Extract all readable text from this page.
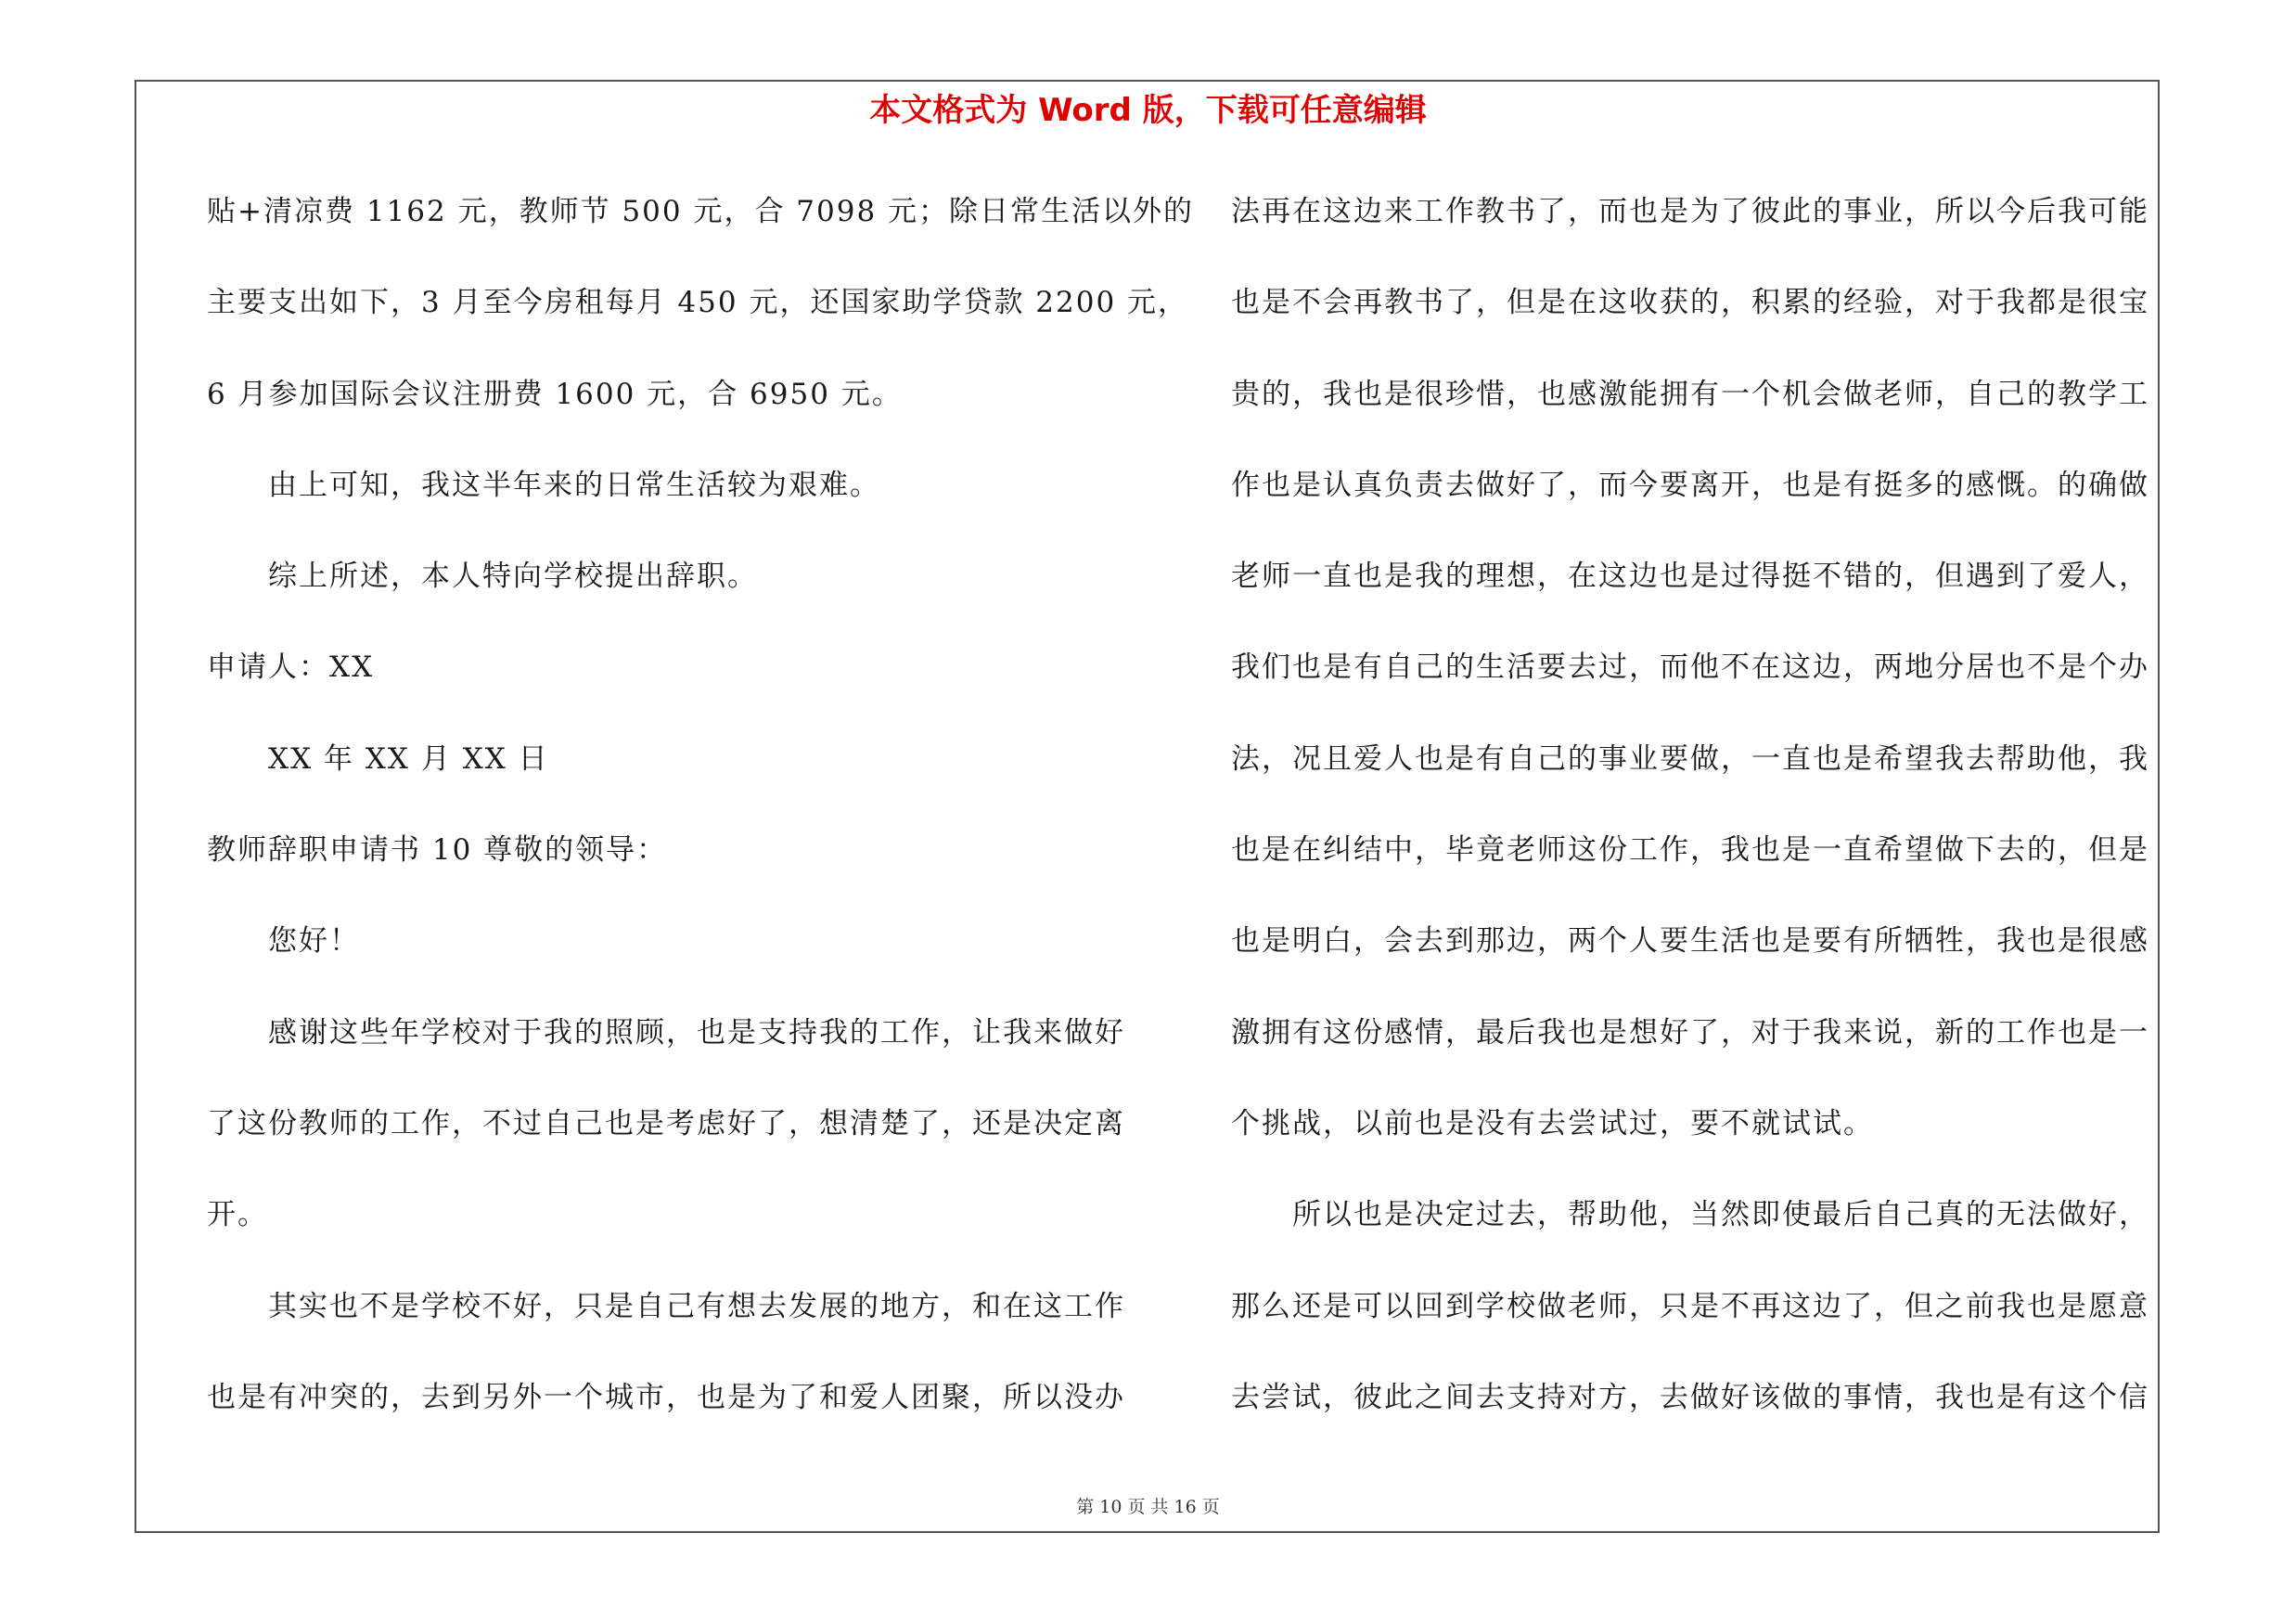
本文格式为 Word 版，下载可任意编辑
贴+清凉费 1162 元，教师节 500 元，合 7098 元；除日常生活以外的
主要支出如下，3 月至今房租每月 450 元，还国家助学贷款 2200 元，
6 月参加国际会议注册费 1600 元，合 6950 元。
由上可知，我这半年来的日常生活较为艰难。
综上所述，本人特向学校提出辞职。
申请人：XX
XX 年 XX 月 XX 日
教师辞职申请书 10 尊敬的领导：
您好！
感谢这些年学校对于我的照顾，也是支持我的工作，让我来做好
了这份教师的工作，不过自己也是考虑好了，想清楚了，还是决定离
开。
其实也不是学校不好，只是自己有想去发展的地方，和在这工作
也是有冲突的，去到另外一个城市，也是为了和爱人团聚，所以没办
法再在这边来工作教书了，而也是为了彼此的事业，所以今后我可能
也是不会再教书了，但是在这收获的，积累的经验，对于我都是很宝
贵的，我也是很珍惜，也感激能拥有一个机会做老师，自己的教学工
作也是认真负责去做好了，而今要离开，也是有挺多的感慨。的确做
老师一直也是我的理想，在这边也是过得挺不错的，但遇到了爱人，
我们也是有自己的生活要去过，而他不在这边，两地分居也不是个办
法，况且爱人也是有自己的事业要做，一直也是希望我去帮助他，我
也是在纠结中，毕竟老师这份工作，我也是一直希望做下去的，但是
也是明白，会去到那边，两个人要生活也是要有所牺牲，我也是很感
激拥有这份感情，最后我也是想好了，对于我来说，新的工作也是一
个挑战，以前也是没有去尝试过，要不就试试。
所以也是决定过去，帮助他，当然即使最后自己真的无法做好，
那么还是可以回到学校做老师，只是不再这边了，但之前我也是愿意
去尝试，彼此之间去支持对方，去做好该做的事情，我也是有这个信
第 10 页 共 16 页
